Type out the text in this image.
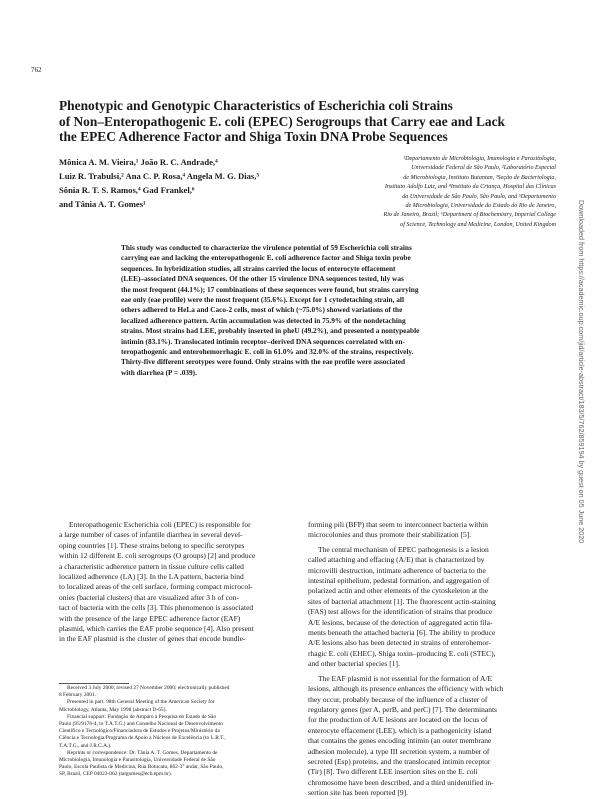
762
Phenotypic and Genotypic Characteristics of Escherichia coli Strains
of Non–Enteropathogenic E. coli (EPEC) Serogroups that Carry eae and Lack
the EPEC Adherence Factor and Shiga Toxin DNA Probe Sequences
Mônica A. M. Vieira,¹ João R. C. Andrade,⁴
Luiz R. Trabulsi,² Ana C. P. Rosa,⁴ Angela M. G. Dias,³
Sônia R. T. S. Ramos,⁴ Gad Frankel,⁶
and Tânia A. T. Gomes¹
¹Departamento de Microbiologia, Imunologia e Parasitologia,
Universidade Federal de São Paulo, ²Laboratório Especial
de Microbiologia, Instituto Butantan, ³Seção de Bacteriologia,
Instituto Adolfo Lutz, and ⁴Instituto da Criança, Hospital das Clínicas
da Universidade de São Paulo, São Paulo, and ⁵Departamento
de Microbiologia, Universidade do Estado do Rio de Janeiro,
Rio de Janeiro, Brazil; ⁶Department of Biochemistry, Imperial College
of Science, Technology and Medicine, London, United Kingdom
This study was conducted to characterize the virulence potential of 59 Escherichia coli strains
carrying eae and lacking the enteropathogenic E. coli adherence factor and Shiga toxin probe
sequences. In hybridization studies, all strains carried the locus of enterocyte effacement
(LEE)–associated DNA sequences. Of the other 15 virulence DNA sequences tested, hly was
the most frequent (44.1%); 17 combinations of these sequences were found, but strains carrying
eae only (eae profile) were the most frequent (35.6%). Except for 1 cytodetaching strain, all
others adhered to HeLa and Caco-2 cells, most of which (~75.0%) showed variations of the
localized adherence pattern. Actin accumulation was detected in 75.9% of the nondetaching
strains. Most strains had LEE, probably inserted in pheU (49.2%), and presented a nontypeable
intimin (83.1%). Translocated intimin receptor–derived DNA sequences correlated with en-
teropathogenic and enterohemorrhagic E. coli in 61.0% and 32.0% of the strains, respectively.
Thirty-five different serotypes were found. Only strains with the eae profile were associated
with diarrhea (P = .039).
Enteropathogenic Escherichia coli (EPEC) is responsible for
a large number of cases of infantile diarrhea in several devel-
oping countries [1]. These strains belong to specific serotypes
within 12 different E. coli serogroups (O groups) [2] and produce
a characteristic adherence pattern in tissue culture cells called
localized adherence (LA) [3]. In the LA pattern, bacteria bind
to localized areas of the cell surface, forming compact microcol-
onies (bacterial clusters) that are visualized after 3 h of con-
tact of bacteria with the cells [3]. This phenomenon is associated
with the presence of the large EPEC adherence factor (EAF)
plasmid, which carries the EAF probe sequence [4]. Also present
in the EAF plasmid is the cluster of genes that encode bundle-
forming pili (BFP) that seem to interconnect bacteria within
microcolonies and thus promote their stabilization [5].
The central mechanism of EPEC pathogenesis is a lesion
called attaching and effacing (A/E) that is characterized by
microvilli destruction, intimate adherence of bacteria to the
intestinal epithelium, pedestal formation, and aggregation of
polarized actin and other elements of the cytoskeleton at the
sites of bacterial attachment [1]. The fluorescent actin-staining
(FAS) test allows for the identification of strains that produce
A/E lesions, because of the detection of aggregated actin fila-
ments beneath the attached bacteria [6]. The ability to produce
A/E lesions also has been detected in strains of enterohemor-
rhagic E. coli (EHEC), Shiga toxin–producing E. coli (STEC),
and other bacterial species [1].
The EAF plasmid is not essential for the formation of A/E
lesions, although its presence enhances the efficiency with which
they occur, probably because of the influence of a cluster of
regulatory genes (per A, perB, and perC) [7]. The determinants
for the production of A/E lesions are located on the locus of
enterocyte effacement (LEE), which is a pathogenicity island
that contains the genes encoding intimin (an outer membrane
adhesion molecule), a type III secretion system, a number of
secreted (Esp) proteins, and the translocated intimin receptor
(Tir) [8]. Two different LEE insertion sites on the E. coli
chromosome have been described, and a third unidentified in-
sertion site has been reported [9].
Received 3 July 2000; revised 27 November 2000; electronically published
8 February 2001.
Presented in part: 98th General Meeting of the American Society for
Microbiology, Atlanta, May 1998 (abstract D-65).
Financial support: Fundação de Amparo à Pesquisa do Estado de São
Paulo (95/9176-4, to T.A.T.G.) and Conselho Nacional de Desenvolvimento
Científico e Tecnológico/Financiadora de Estudos e Projetos/Ministério da
Ciência e Tecnologia/Programa de Apoio a Núcleos de Excelência (to L.R.T.,
T.A.T.G., and J.R.C.A.).
Reprints or correspondence: Dr. Tânia A. T. Gomes, Departamento de
Microbiologia, Imunologia e Parasitologia, Universidade Federal de São
Paulo, Escola Paulista de Medicina, Rua Botucatu, 862-3° andar, São Paulo,
SP, Brazil, CEP 04023-062 (tatgomes@ecb.epm.br).
Downloaded from https://academic.oup.com/jid/article-abstract/183/5/762/859194 by guest on 05 June 2020
